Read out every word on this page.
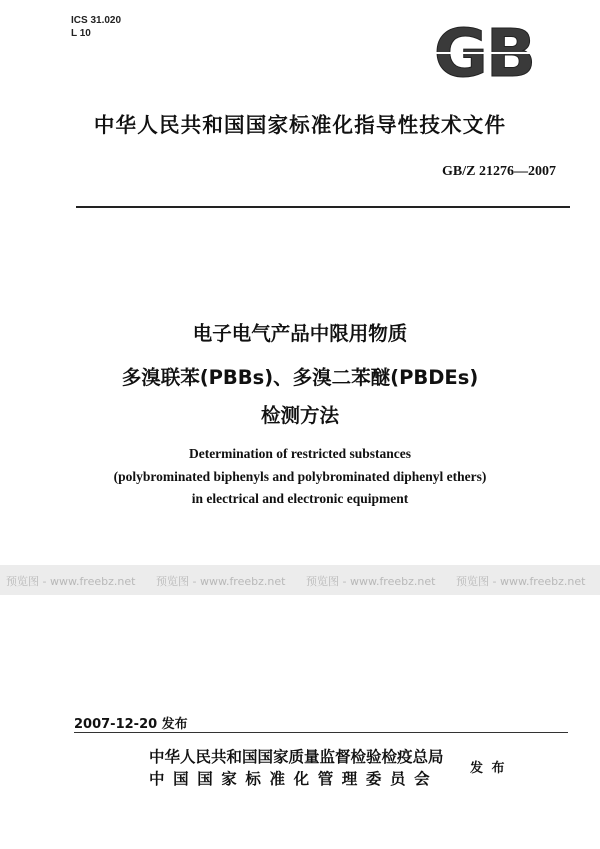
ICS 31.020
L 10	GB
中华人民共和国国家标准化指导性技术文件
GB/Z 21276—2007
电子电气产品中限用物质
多溴联苯(PBBs)、多溴二苯醚(PBDEs)
检测方法
Determination of restricted substances
(polybrominated biphenyls and polybrominated diphenyl ethers)
in electrical and electronic equipment
预览图 - www.freebz.net 预览图 - www.freebz.net 预览图 - www.freebz.net 预览图 - www.freebz.net
2007-12-20 发布
中华人民共和国国家质量监督检验检疫总局
中国国家标准化管理委员会
发 布
